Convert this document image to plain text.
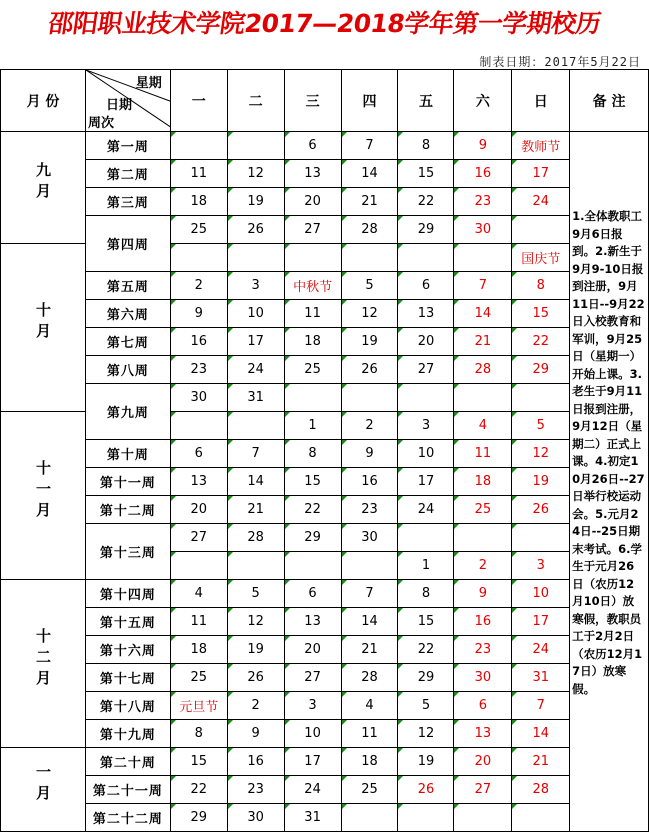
邵阳职业技术学院2017—2018学年第一学期校历
制表日期：2017年5月22日
月 份	星期
日期
周次	一	二	三	四	五	六	日	备 注
九月	第一周			6	7	8	9	教师节	1.全体教职工9月6日报到。2.新生于9月9-10日报到注册，9月11日--9月22日入校教育和军训，9月25日（星期一）开始上课。3.老生于9月11日报到注册，9月12日（星期二）正式上课。4.初定10月26日--27日举行校运动会。5.元月24日--25日期末考试。6.学生于元月26日（农历12月10日）放寒假，教职员工于2月2日（农历12月17日）放寒假。
	第二周	11	12	13	14	15	16	17	
	第三周	18	19	20	21	22	23	24	
	第四周	25	26	27	28	29	30		
十月								国庆节	
	第五周	2	3	中秋节	5	6	7	8	
	第六周	9	10	11	12	13	14	15	
	第七周	16	17	18	19	20	21	22	
	第八周	23	24	25	26	27	28	29	
	第九周	30	31						
十一月				1	2	3	4	5	
	第十周	6	7	8	9	10	11	12	
	第十一周	13	14	15	16	17	18	19	
	第十二周	20	21	22	23	24	25	26	
	第十三周	27	28	29	30				
						1	2	3	
十二月	第十四周	4	5	6	7	8	9	10	
	第十五周	11	12	13	14	15	16	17	
	第十六周	18	19	20	21	22	23	24	
	第十七周	25	26	27	28	29	30	31	
	第十八周	元旦节	2	3	4	5	6	7	
	第十九周	8	9	10	11	12	13	14	
一月	第二十周	15	16	17	18	19	20	21	
	第二十一周	22	23	24	25	26	27	28	
	第二十二周	29	30	31					
